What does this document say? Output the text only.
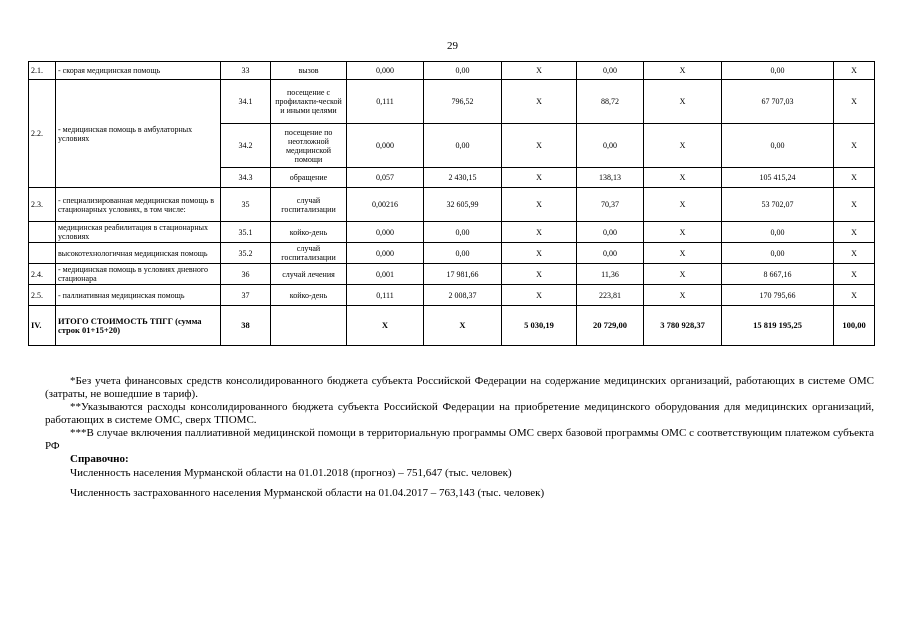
29
2.1.	- скорая медицинская помощь	33	вызов	0,000	0,00	Х	0,00	Х	0,00	Х
2.2.	- медицинская помощь в амбулаторных условиях	34.1	посещение с профилакти-ческой и иными целями	0,111	796,52	Х	88,72	Х	67 707,03	Х
		34.2	посещение по неотложной медицинской помощи	0,000	0,00	Х	0,00	Х	0,00	Х
		34.3	обращение	0,057	2 430,15	Х	138,13	Х	105 415,24	Х
2.3.	- специализированная медицинская помощь в стационарных условиях, в том числе:	35	случай госпитализации	0,00216	32 605,99	Х	70,37	Х	53 702,07	Х
	медицинская реабилитация в стационарных условиях	35.1	койко-день	0,000	0,00	Х	0,00	Х	0,00	Х
	высокотехнологичная медицинская помощь	35.2	случай госпитализации	0,000	0,00	Х	0,00	Х	0,00	Х
2.4.	- медицинская помощь в условиях дневного стационара	36	случай лечения	0,001	17 981,66	Х	11,36	Х	8 667,16	Х
2.5.	- паллиативная медицинская помощь	37	койко-день	0,111	2 008,37	Х	223,81	Х	170 795,66	Х
IV.	ИТОГО СТОИМОСТЬ ТПГГ (сумма строк 01+15+20)	38		Х	Х	5 030,19	20 729,00	3 780 928,37	15 819 195,25	100,00

*Без учета финансовых средств консолидированного бюджета субъекта Российской Федерации на содержание медицинских организаций, работающих в системе ОМС (затраты, не вошедшие в тариф).

**Указываются расходы консолидированного бюджета субъекта Российской Федерации на приобретение медицинского оборудования для медицинских организаций, работающих в системе ОМС, сверх ТПОМС.

***В случае включения паллиативной медицинской помощи в территориальную программы ОМС сверх базовой программы ОМС с соответствующим платежом субъекта РФ

Справочно:

Численность населения Мурманской области на 01.01.2018 (прогноз) – 751,647 (тыс. человек)

Численность застрахованного населения Мурманской области на 01.04.2017 – 763,143 (тыс. человек)
